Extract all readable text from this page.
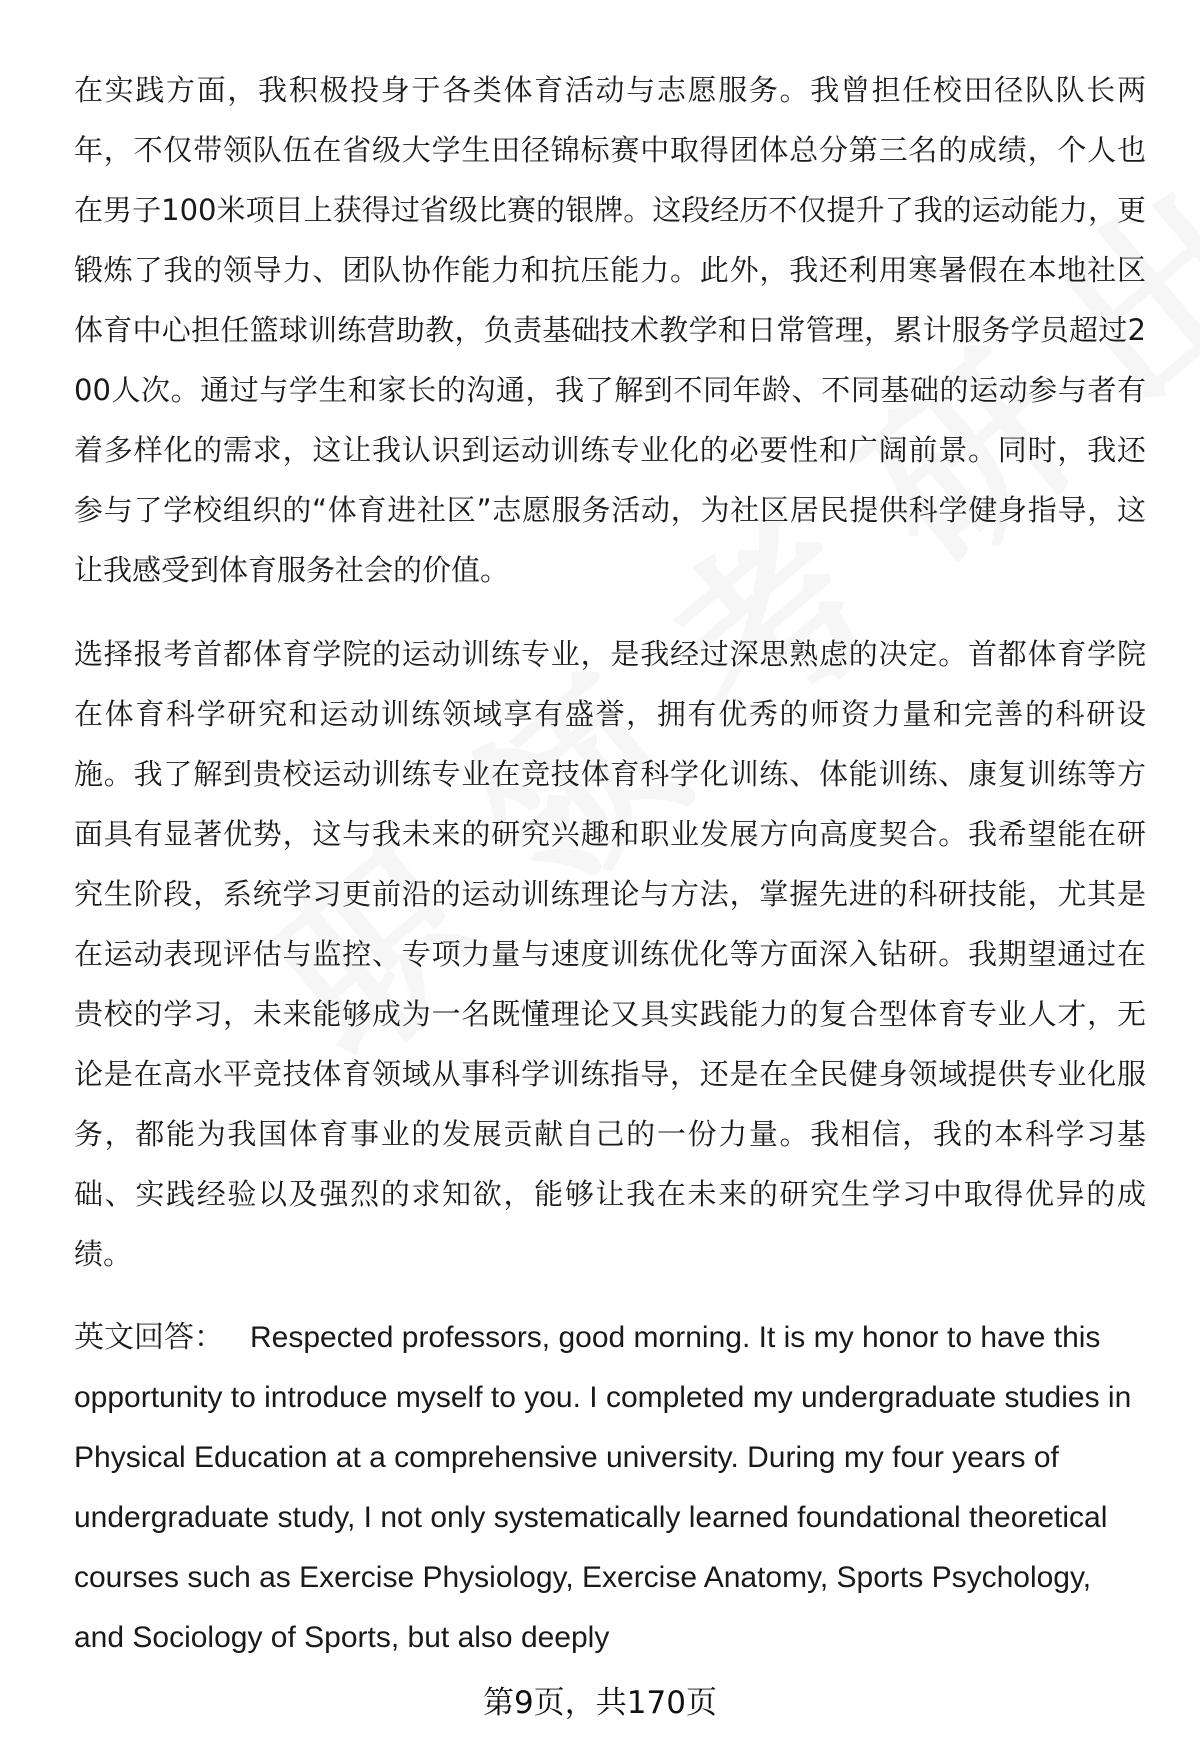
在实践方面，我积极投身于各类体育活动与志愿服务。我曾担任校田径队队长两年，不仅带领队伍在省级大学生田径锦标赛中取得团体总分第三名的成绩，个人也在男子100米项目上获得过省级比赛的银牌。这段经历不仅提升了我的运动能力，更锻炼了我的领导力、团队协作能力和抗压能力。此外，我还利用寒暑假在本地社区体育中心担任篮球训练营助教，负责基础技术教学和日常管理，累计服务学员超过200人次。通过与学生和家长的沟通，我了解到不同年龄、不同基础的运动参与者有着多样化的需求，这让我认识到运动训练专业化的必要性和广阔前景。同时，我还参与了学校组织的“体育进社区”志愿服务活动，为社区居民提供科学健身指导，这让我感受到体育服务社会的价值。

选择报考首都体育学院的运动训练专业，是我经过深思熟虑的决定。首都体育学院在体育科学研究和运动训练领域享有盛誉，拥有优秀的师资力量和完善的科研设施。我了解到贵校运动训练专业在竞技体育科学化训练、体能训练、康复训练等方面具有显著优势，这与我未来的研究兴趣和职业发展方向高度契合。我希望能在研究生阶段，系统学习更前沿的运动训练理论与方法，掌握先进的科研技能，尤其是在运动表现评估与监控、专项力量与速度训练优化等方面深入钻研。我期望通过在贵校的学习，未来能够成为一名既懂理论又具实践能力的复合型体育专业人才，无论是在高水平竞技体育领域从事科学训练指导，还是在全民健身领域提供专业化服务，都能为我国体育事业的发展贡献自己的一份力量。我相信，我的本科学习基础、实践经验以及强烈的求知欲，能够让我在未来的研究生学习中取得优异的成绩。

英文回答： Respected professors, good morning. It is my honor to have this opportunity to introduce myself to you. I completed my undergraduate studies in Physical Education at a comprehensive university. During my four years of undergraduate study, I not only systematically learned foundational theoretical courses such as Exercise Physiology, Exercise Anatomy, Sports Psychology, and Sociology of Sports, but also deeply

第9页，共170页
